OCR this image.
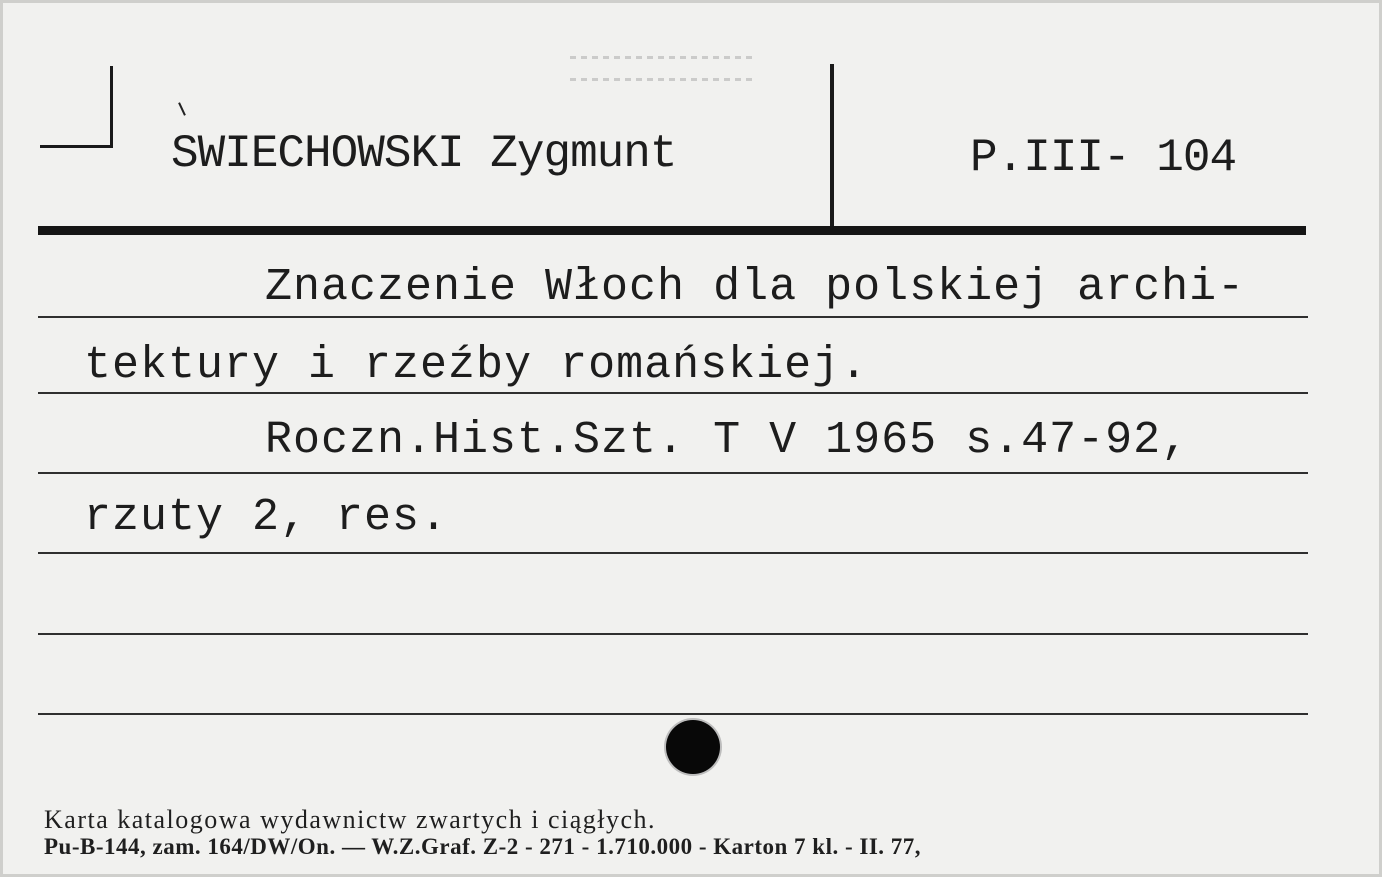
SWIECHOWSKI Zygmunt	P.III- 104
Znaczenie Włoch dla polskiej archi-
tektury i rzeźby romańskiej.
Roczn.Hist.Szt. T V 1965 s.47-92,
rzuty 2, res.
Karta katalogowa wydawnictw zwartych i ciągłych.
Pu-B-144, zam. 164/DW/On. — W.Z.Graf. Z-2 - 271 - 1.710.000 - Karton 7 kl. - II. 77,
